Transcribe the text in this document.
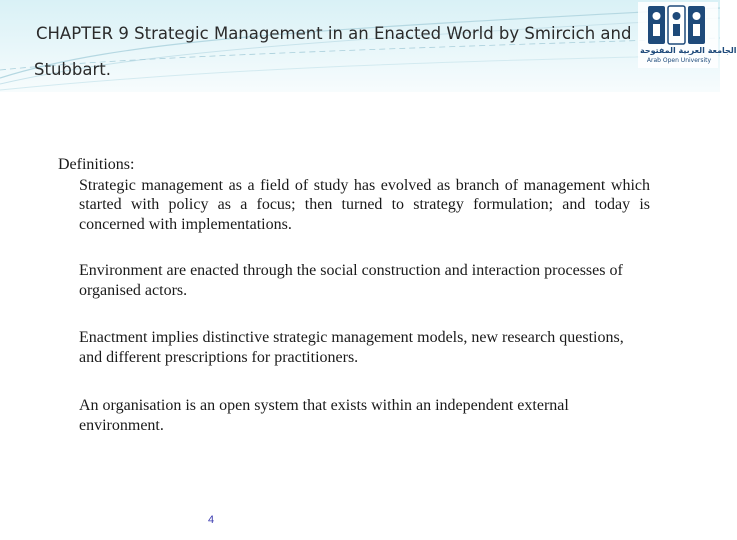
CHAPTER 9 Strategic Management in an Enacted World by Smircich and
Stubbart.
الجامعة العربية المفتوحة
Arab Open University

Definitions:

Strategic management as a field of study has evolved as branch of management which started with policy as a focus; then turned to strategy formulation; and today is concerned with implementations.

Environment are enacted through the social construction and interaction processes of organised actors.

Enactment implies distinctive strategic management models, new research questions, and different prescriptions for practitioners.

An organisation is an open system that exists within an independent external environment.

4
